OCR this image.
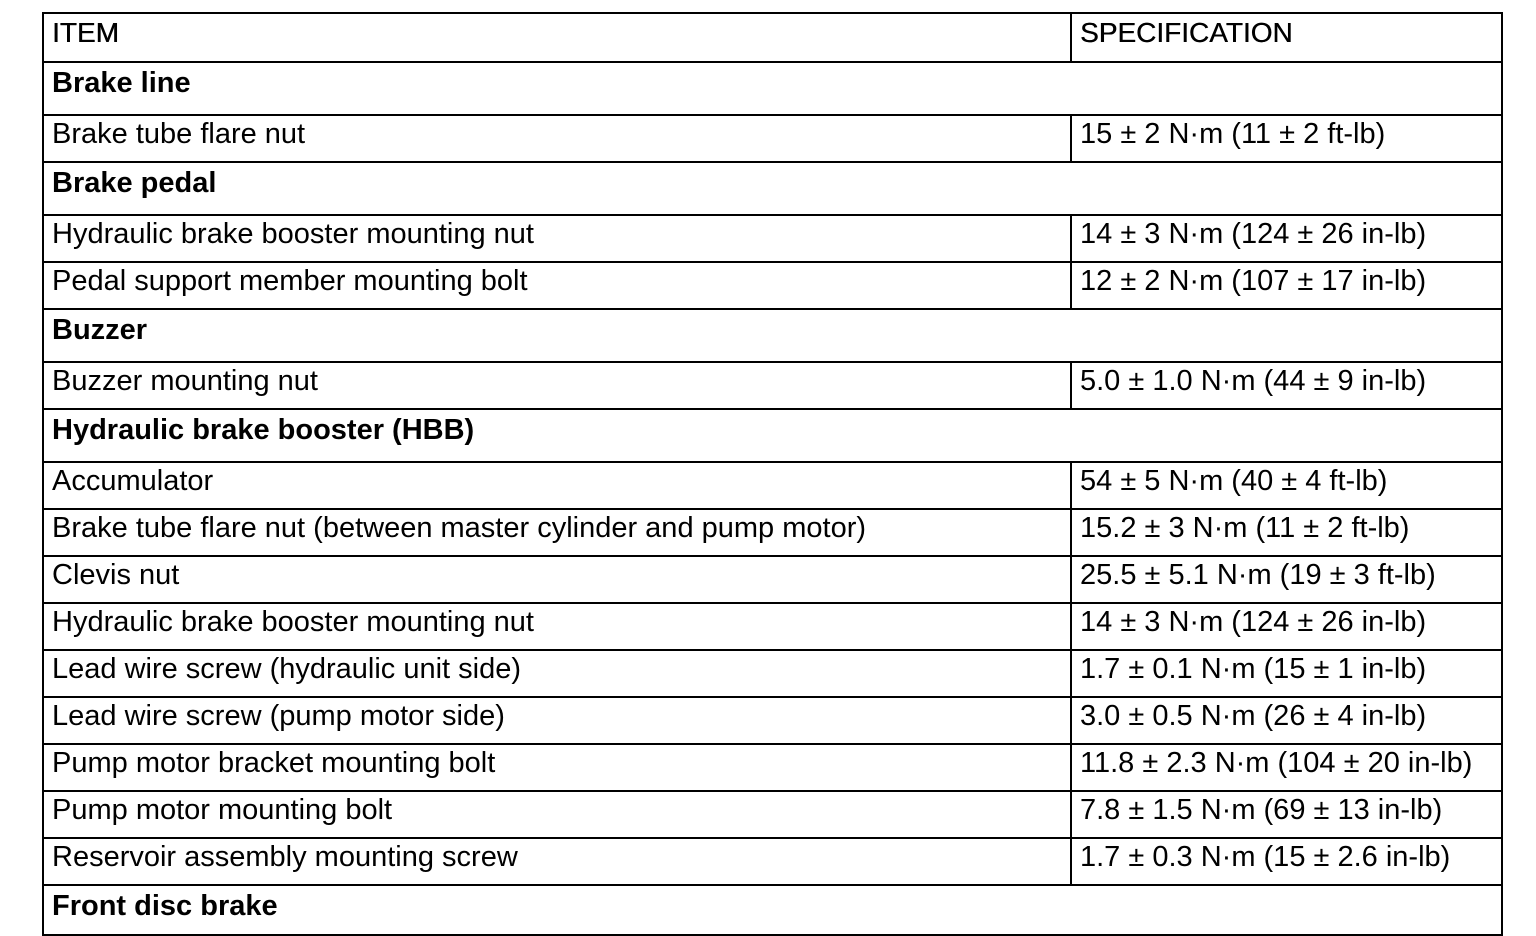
ITEM	SPECIFICATION
Brake line	
Brake tube flare nut	15 ± 2 N·m (11 ± 2 ft-lb)
Brake pedal	
Hydraulic brake booster mounting nut	14 ± 3 N·m (124 ± 26 in-lb)
Pedal support member mounting bolt	12 ± 2 N·m (107 ± 17 in-lb)
Buzzer	
Buzzer mounting nut	5.0 ± 1.0 N·m (44 ± 9 in-lb)
Hydraulic brake booster (HBB)	
Accumulator	54 ± 5 N·m (40 ± 4 ft-lb)
Brake tube flare nut (between master cylinder and pump motor)	15.2 ± 3 N·m (11 ± 2 ft-lb)
Clevis nut	25.5 ± 5.1 N·m (19 ± 3 ft-lb)
Hydraulic brake booster mounting nut	14 ± 3 N·m (124 ± 26 in-lb)
Lead wire screw (hydraulic unit side)	1.7 ± 0.1 N·m (15 ± 1 in-lb)
Lead wire screw (pump motor side)	3.0 ± 0.5 N·m (26 ± 4 in-lb)
Pump motor bracket mounting bolt	11.8 ± 2.3 N·m (104 ± 20 in-lb)
Pump motor mounting bolt	7.8 ± 1.5 N·m (69 ± 13 in-lb)
Reservoir assembly mounting screw	1.7 ± 0.3 N·m (15 ± 2.6 in-lb)
Front disc brake	
